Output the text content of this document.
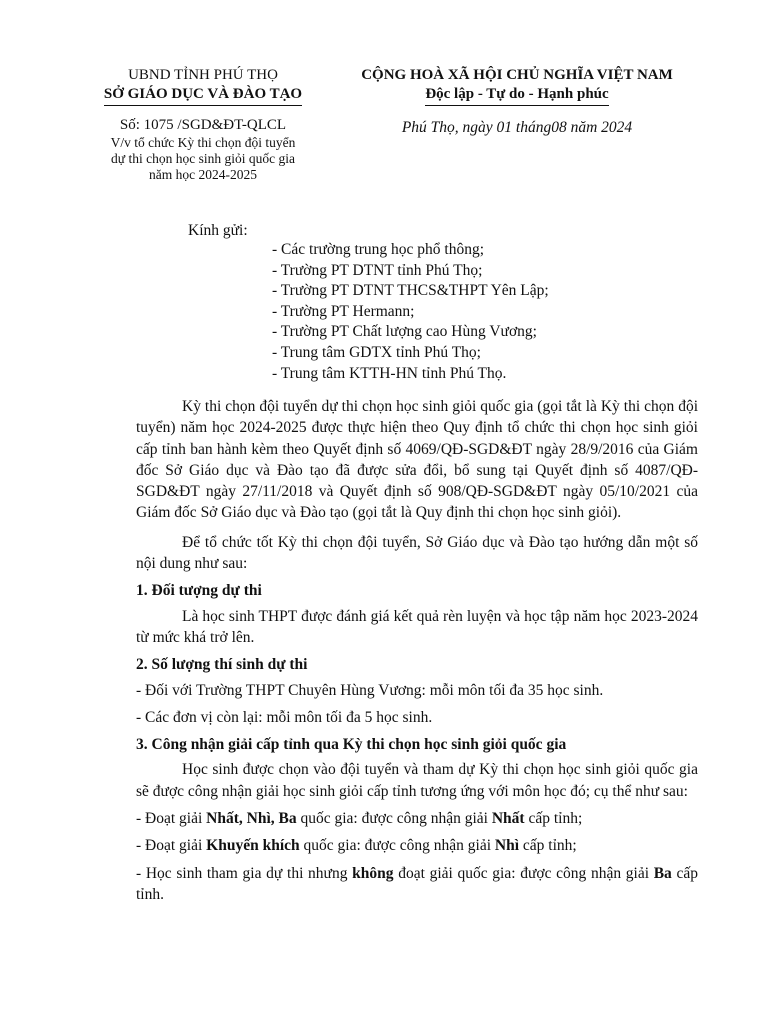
UBND TỈNH PHÚ THỌ
SỞ GIÁO DỤC VÀ ĐÀO TẠO
Số: 1075 /SGD&ĐT-QLCL
V/v tổ chức Kỳ thi chọn đội tuyển
dự thi chọn học sinh giỏi quốc gia
năm học 2024-2025
CỘNG HOÀ XÃ HỘI CHỦ NGHĨA VIỆT NAM
Độc lập - Tự do - Hạnh phúc
Phú Thọ, ngày 01 tháng08 năm 2024
Kính gửi:
- Các trường trung học phổ thông;
- Trường PT DTNT tỉnh Phú Thọ;
- Trường PT DTNT THCS&THPT Yên Lập;
- Trường PT Hermann;
- Trường PT Chất lượng cao Hùng Vương;
- Trung tâm GDTX tỉnh Phú Thọ;
- Trung tâm KTTH-HN tỉnh Phú Thọ.

Kỳ thi chọn đội tuyển dự thi chọn học sinh giỏi quốc gia (gọi tắt là Kỳ thi chọn đội tuyển) năm học 2024-2025 được thực hiện theo Quy định tổ chức thi chọn học sinh giỏi cấp tỉnh ban hành kèm theo Quyết định số 4069/QĐ-SGD&ĐT ngày 28/9/2016 của Giám đốc Sở Giáo dục và Đào tạo đã được sửa đổi, bổ sung tại Quyết định số 4087/QĐ-SGD&ĐT ngày 27/11/2018 và Quyết định số 908/QĐ-SGD&ĐT ngày 05/10/2021 của Giám đốc Sở Giáo dục và Đào tạo (gọi tắt là Quy định thi chọn học sinh giỏi).

Để tổ chức tốt Kỳ thi chọn đội tuyển, Sở Giáo dục và Đào tạo hướng dẫn một số nội dung như sau:

1. Đối tượng dự thi

Là học sinh THPT được đánh giá kết quả rèn luyện và học tập năm học 2023-2024 từ mức khá trở lên.

2. Số lượng thí sinh dự thi

- Đối với Trường THPT Chuyên Hùng Vương: mỗi môn tối đa 35 học sinh.

- Các đơn vị còn lại: mỗi môn tối đa 5 học sinh.

3. Công nhận giải cấp tỉnh qua Kỳ thi chọn học sinh giỏi quốc gia

Học sinh được chọn vào đội tuyển và tham dự Kỳ thi chọn học sinh giỏi quốc gia sẽ được công nhận giải học sinh giỏi cấp tỉnh tương ứng với môn học đó; cụ thể như sau:

- Đoạt giải Nhất, Nhì, Ba quốc gia: được công nhận giải Nhất cấp tỉnh;

- Đoạt giải Khuyến khích quốc gia: được công nhận giải Nhì cấp tỉnh;

- Học sinh tham gia dự thi nhưng không đoạt giải quốc gia: được công nhận giải Ba cấp tỉnh.
